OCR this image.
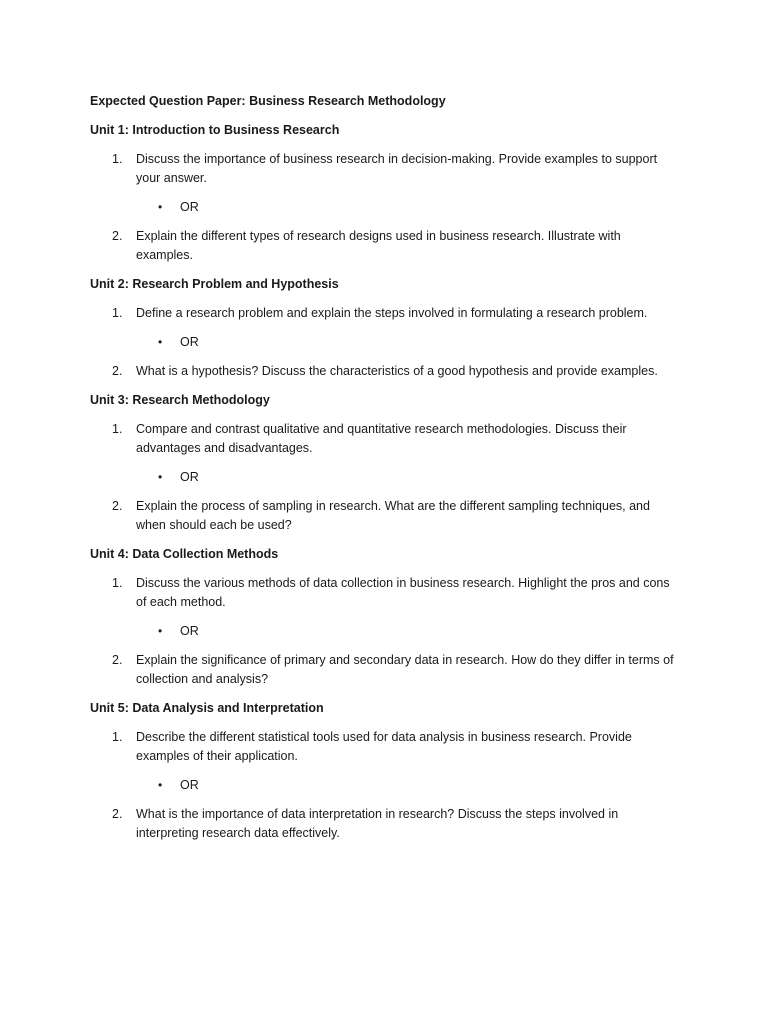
Expected Question Paper: Business Research Methodology
Unit 1: Introduction to Business Research
1. Discuss the importance of business research in decision-making. Provide examples to support your answer.
• OR
2. Explain the different types of research designs used in business research. Illustrate with examples.
Unit 2: Research Problem and Hypothesis
1. Define a research problem and explain the steps involved in formulating a research problem.
• OR
2. What is a hypothesis? Discuss the characteristics of a good hypothesis and provide examples.
Unit 3: Research Methodology
1. Compare and contrast qualitative and quantitative research methodologies. Discuss their advantages and disadvantages.
• OR
2. Explain the process of sampling in research. What are the different sampling techniques, and when should each be used?
Unit 4: Data Collection Methods
1. Discuss the various methods of data collection in business research. Highlight the pros and cons of each method.
• OR
2. Explain the significance of primary and secondary data in research. How do they differ in terms of collection and analysis?
Unit 5: Data Analysis and Interpretation
1. Describe the different statistical tools used for data analysis in business research. Provide examples of their application.
• OR
2. What is the importance of data interpretation in research? Discuss the steps involved in interpreting research data effectively.
